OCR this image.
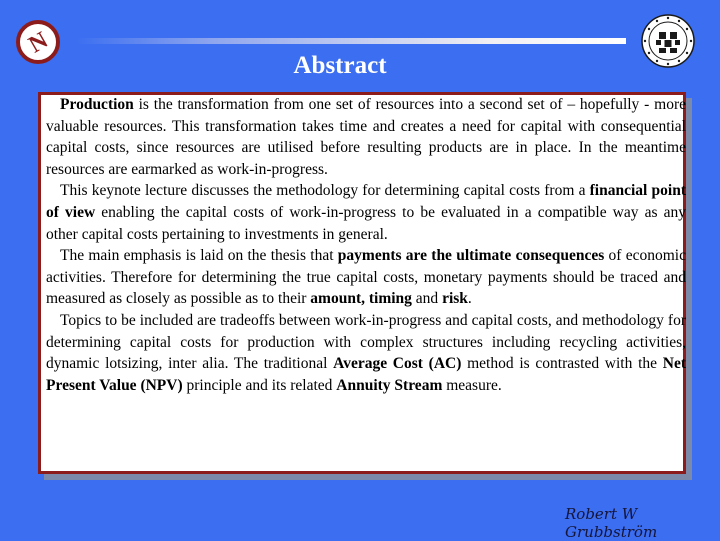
N
Abstract

Production is the transformation from one set of resources into a second set of – hopefully - more valuable resources. This transformation takes time and creates a need for capital with consequential capital costs, since resources are utilised before resulting products are in place. In the meantime resources are earmarked as work-in-progress.

This keynote lecture discusses the methodology for determining capital costs from a financial point of view enabling the capital costs of work-in-progress to be evaluated in a compatible way as any other capital costs pertaining to investments in general.

The main emphasis is laid on the thesis that payments are the ultimate consequences of economic activities. Therefore for determining the true capital costs, monetary payments should be traced and measured as closely as possible as to their amount, timing and risk.

Topics to be included are tradeoffs between work-in-progress and capital costs, and methodology for determining capital costs for production with complex structures including recycling activities, dynamic lotsizing, inter alia. The traditional Average Cost (AC) method is contrasted with the Net Present Value (NPV) principle and its related Annuity Stream measure.

Robert W Grubbström
